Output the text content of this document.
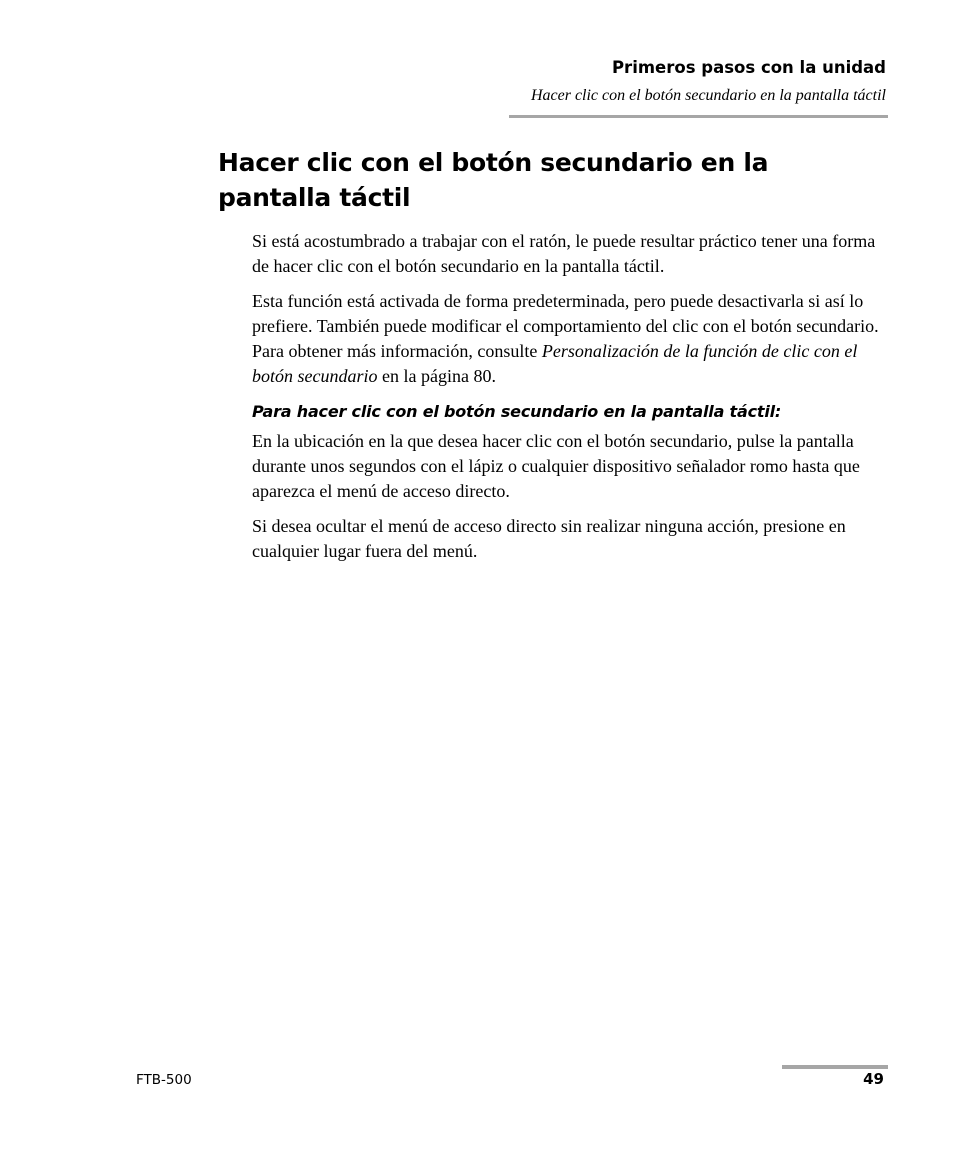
Primeros pasos con la unidad
Hacer clic con el botón secundario en la pantalla táctil
Hacer clic con el botón secundario en la pantalla táctil

Si está acostumbrado a trabajar con el ratón, le puede resultar práctico tener una forma de hacer clic con el botón secundario en la pantalla táctil.

Esta función está activada de forma predeterminada, pero puede desactivarla si así lo prefiere. También puede modificar el comportamiento del clic con el botón secundario. Para obtener más información, consulte Personalización de la función de clic con el botón secundario en la página 80.

Para hacer clic con el botón secundario en la pantalla táctil:

En la ubicación en la que desea hacer clic con el botón secundario, pulse la pantalla durante unos segundos con el lápiz o cualquier dispositivo señalador romo hasta que aparezca el menú de acceso directo.

Si desea ocultar el menú de acceso directo sin realizar ninguna acción, presione en cualquier lugar fuera del menú.

FTB-500	49
